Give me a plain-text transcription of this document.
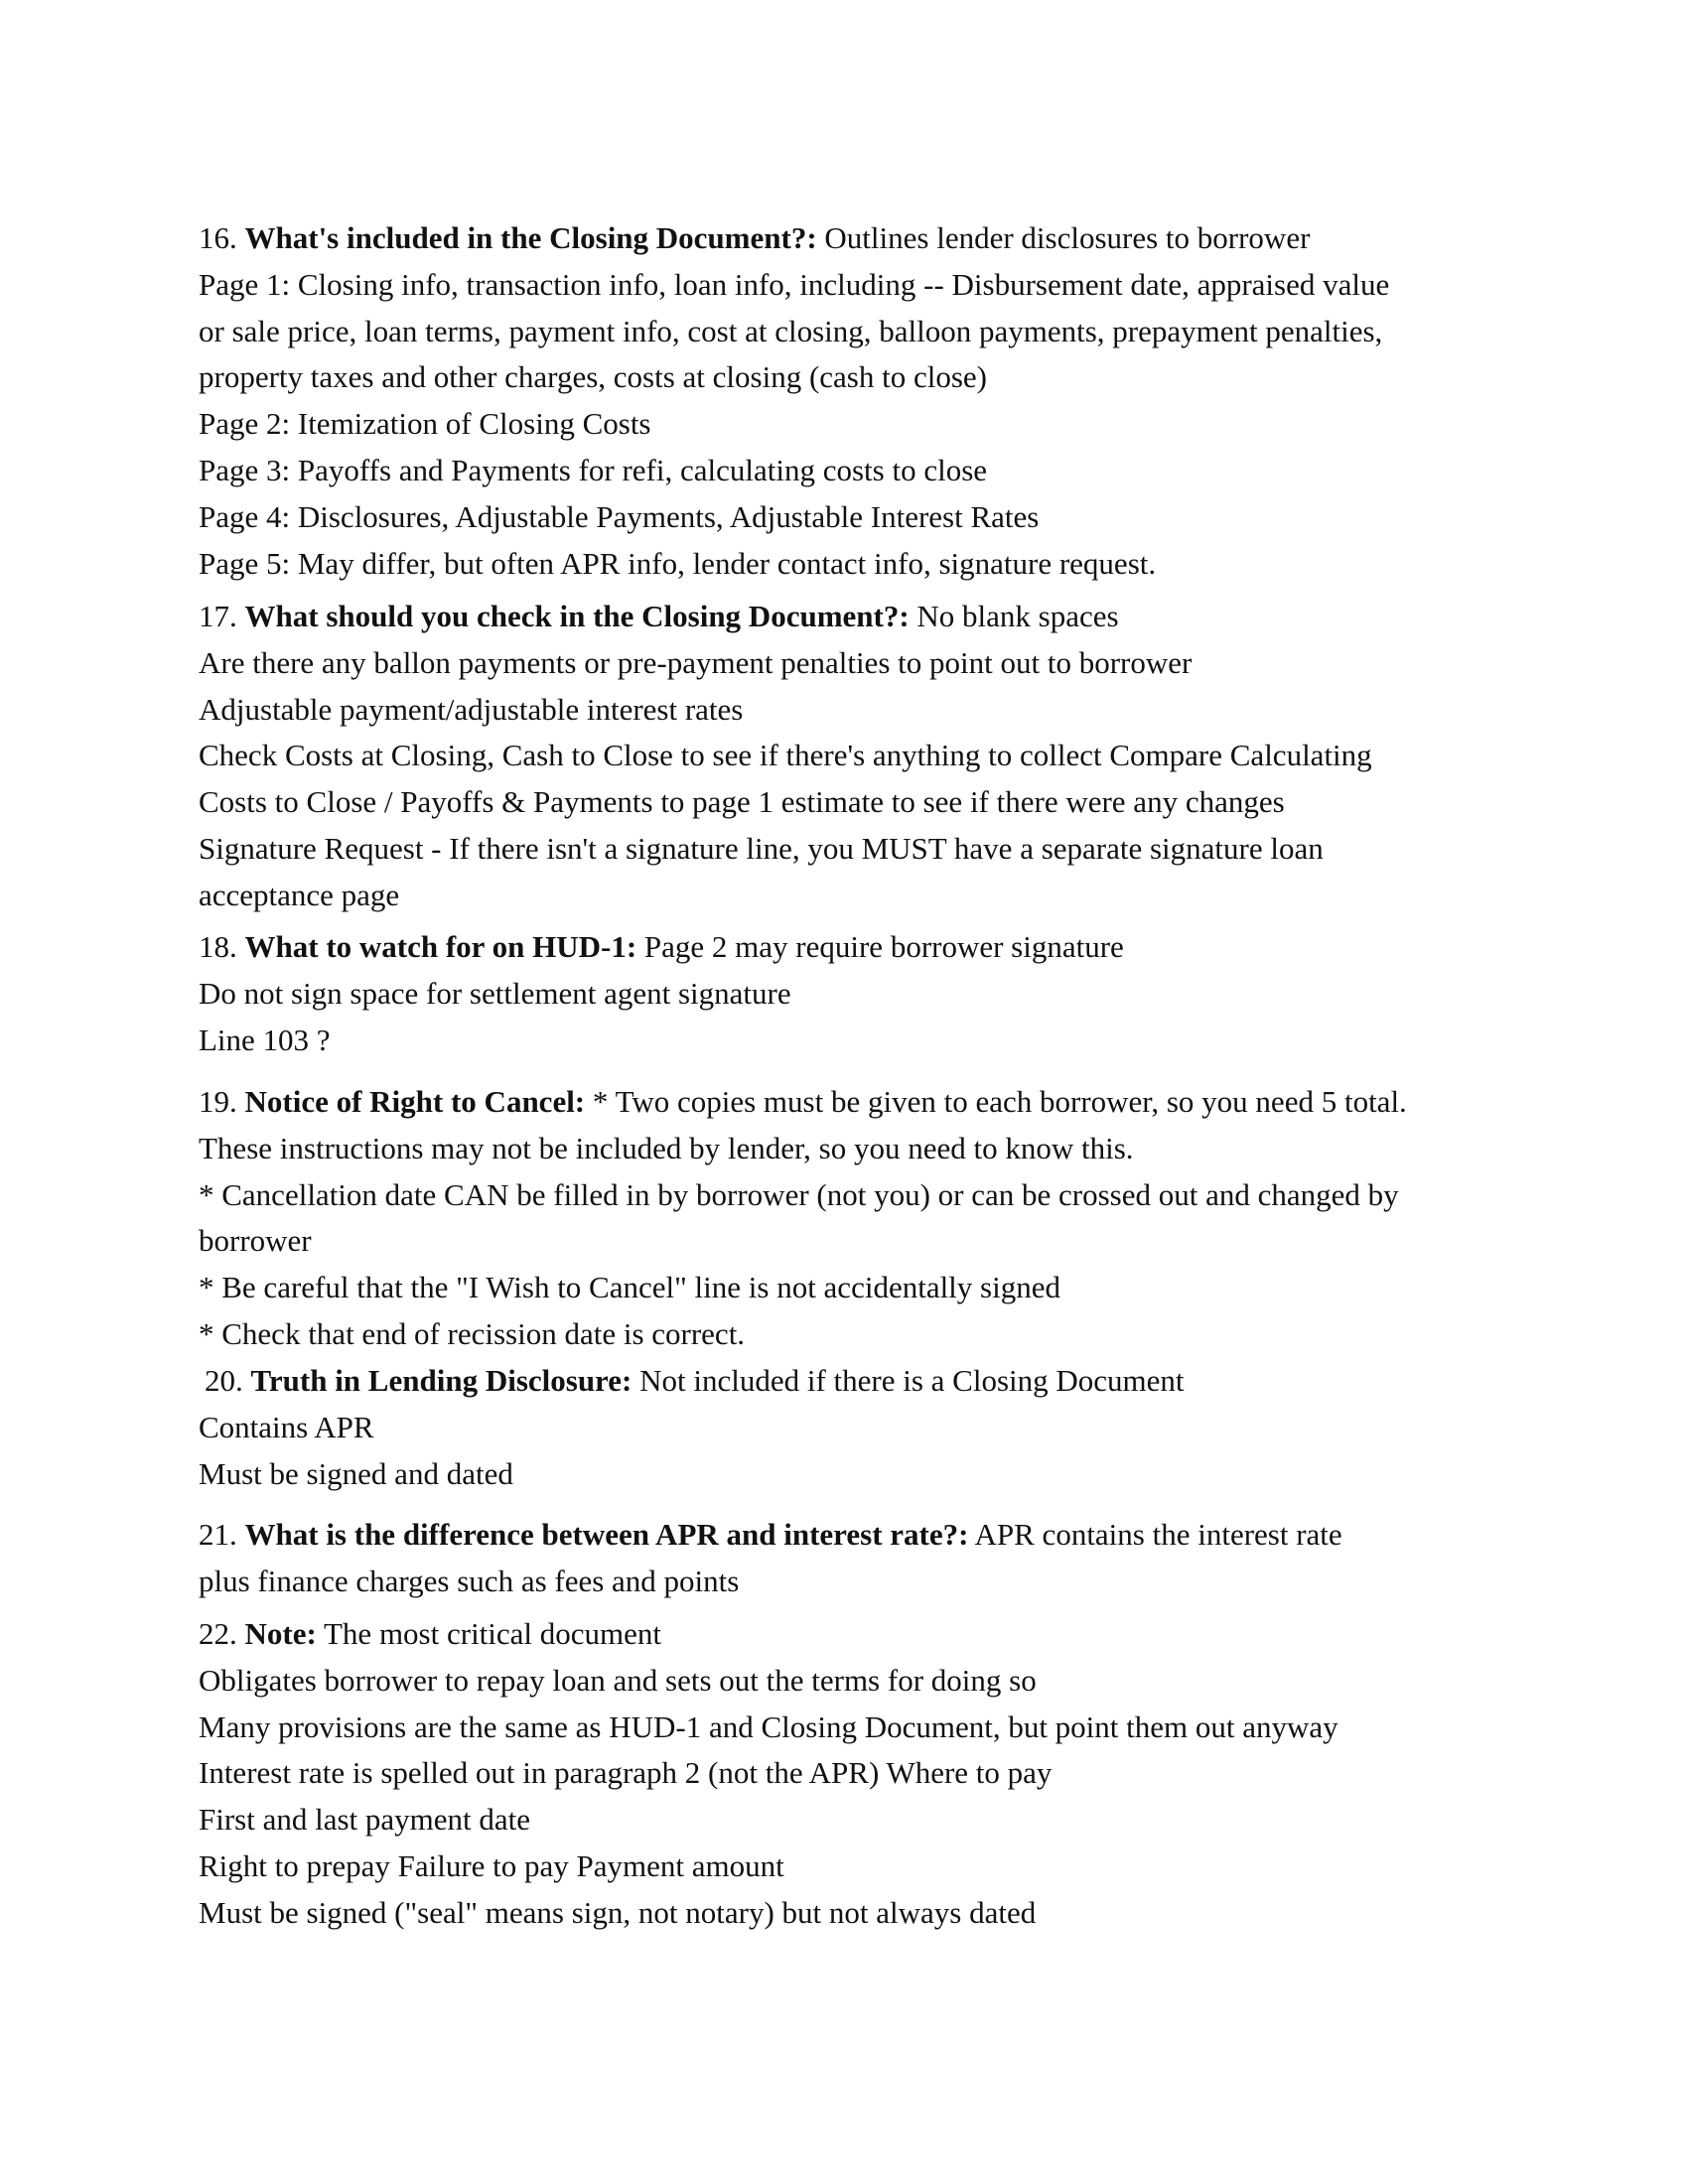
16. What's included in the Closing Document?: Outlines lender disclosures to borrower
Page 1: Closing info, transaction info, loan info, including -- Disbursement date, appraised value
or sale price, loan terms, payment info, cost at closing, balloon payments, prepayment penalties,
property taxes and other charges, costs at closing (cash to close)
Page 2: Itemization of Closing Costs
Page 3: Payoffs and Payments for refi, calculating costs to close
Page 4: Disclosures, Adjustable Payments, Adjustable Interest Rates
Page 5: May differ, but often APR info, lender contact info, signature request.
17. What should you check in the Closing Document?: No blank spaces
Are there any ballon payments or pre-payment penalties to point out to borrower
Adjustable payment/adjustable interest rates
Check Costs at Closing, Cash to Close to see if there's anything to collect Compare Calculating
Costs to Close / Payoffs & Payments to page 1 estimate to see if there were any changes
Signature Request - If there isn't a signature line, you MUST have a separate signature loan
acceptance page
18. What to watch for on HUD-1: Page 2 may require borrower signature
Do not sign space for settlement agent signature
Line 103 ?
19. Notice of Right to Cancel: * Two copies must be given to each borrower, so you need 5 total.
These instructions may not be included by lender, so you need to know this.
* Cancellation date CAN be filled in by borrower (not you) or can be crossed out and changed by
borrower
* Be careful that the "I Wish to Cancel" line is not accidentally signed
* Check that end of recission date is correct.
20. Truth in Lending Disclosure: Not included if there is a Closing Document
Contains APR
Must be signed and dated
21. What is the difference between APR and interest rate?: APR contains the interest rate
plus finance charges such as fees and points
22. Note: The most critical document
Obligates borrower to repay loan and sets out the terms for doing so
Many provisions are the same as HUD-1 and Closing Document, but point them out anyway
Interest rate is spelled out in paragraph 2 (not the APR) Where to pay
First and last payment date
Right to prepay Failure to pay Payment amount
Must be signed ("seal" means sign, not notary) but not always dated
